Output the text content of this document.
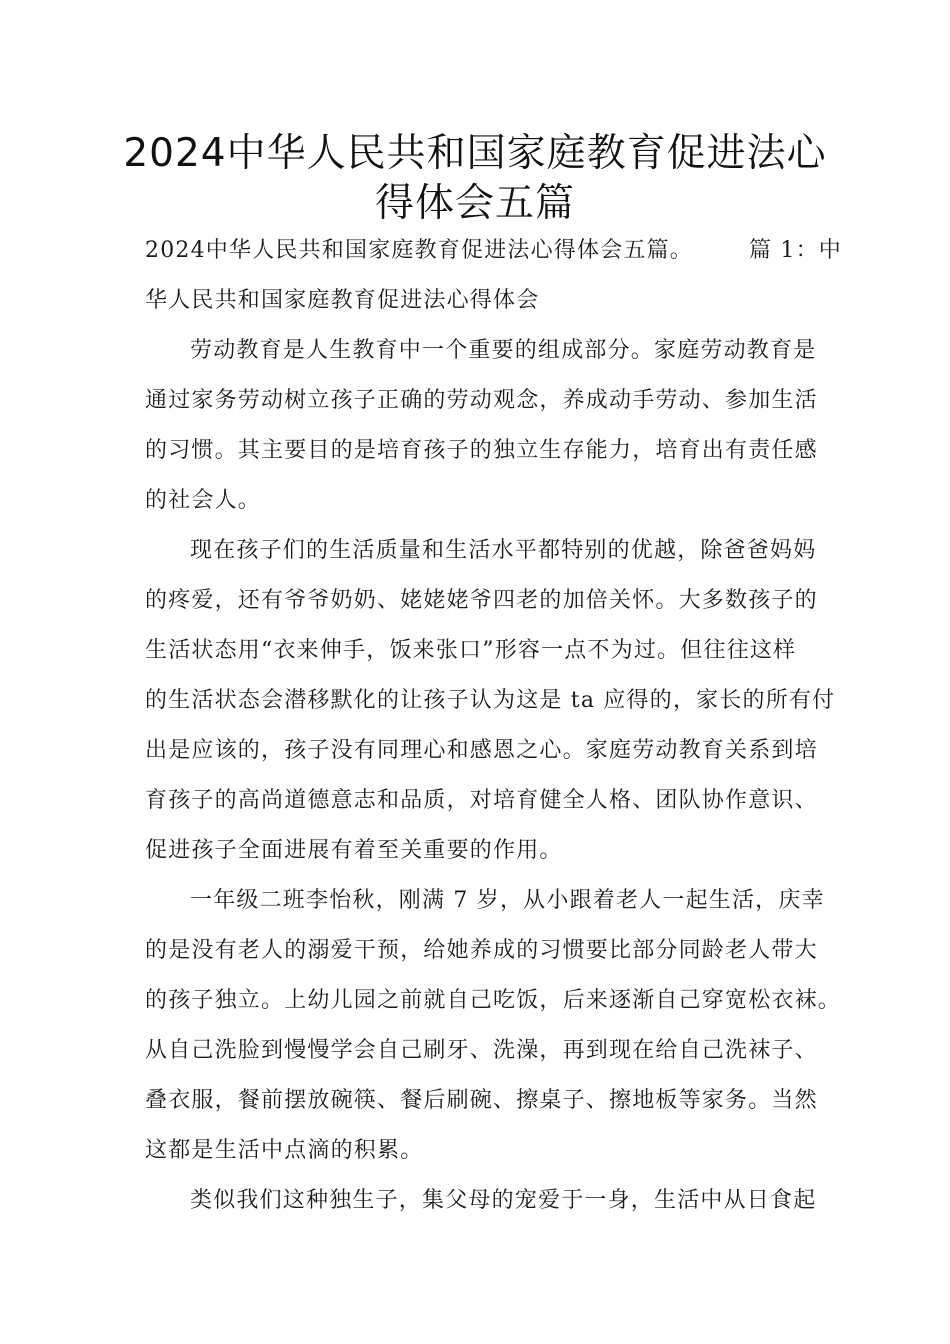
2024中华人民共和国家庭教育促进法心
得体会五篇

2024中华人民共和国家庭教育促进法心得体会五篇。	篇 1：中

华人民共和国家庭教育促进法心得体会

劳动教育是人生教育中一个重要的组成部分。家庭劳动教育是

通过家务劳动树立孩子正确的劳动观念，养成动手劳动、参加生活

的习惯。其主要目的是培育孩子的独立生存能力，培育出有责任感

的社会人。

现在孩子们的生活质量和生活水平都特别的优越，除爸爸妈妈

的疼爱，还有爷爷奶奶、姥姥姥爷四老的加倍关怀。大多数孩子的

生活状态用“衣来伸手，饭来张口”形容一点不为过。但往往这样

的生活状态会潜移默化的让孩子认为这是 ta 应得的，家长的所有付

出是应该的，孩子没有同理心和感恩之心。家庭劳动教育关系到培

育孩子的高尚道德意志和品质，对培育健全人格、团队协作意识、

促进孩子全面进展有着至关重要的作用。

一年级二班李怡秋，刚满 7 岁，从小跟着老人一起生活，庆幸

的是没有老人的溺爱干预，给她养成的习惯要比部分同龄老人带大

的孩子独立。上幼儿园之前就自己吃饭，后来逐渐自己穿宽松衣袜。

从自己洗脸到慢慢学会自己刷牙、洗澡，再到现在给自己洗袜子、

叠衣服，餐前摆放碗筷、餐后刷碗、擦桌子、擦地板等家务。当然

这都是生活中点滴的积累。

类似我们这种独生子，集父母的宠爱于一身，生活中从日食起
